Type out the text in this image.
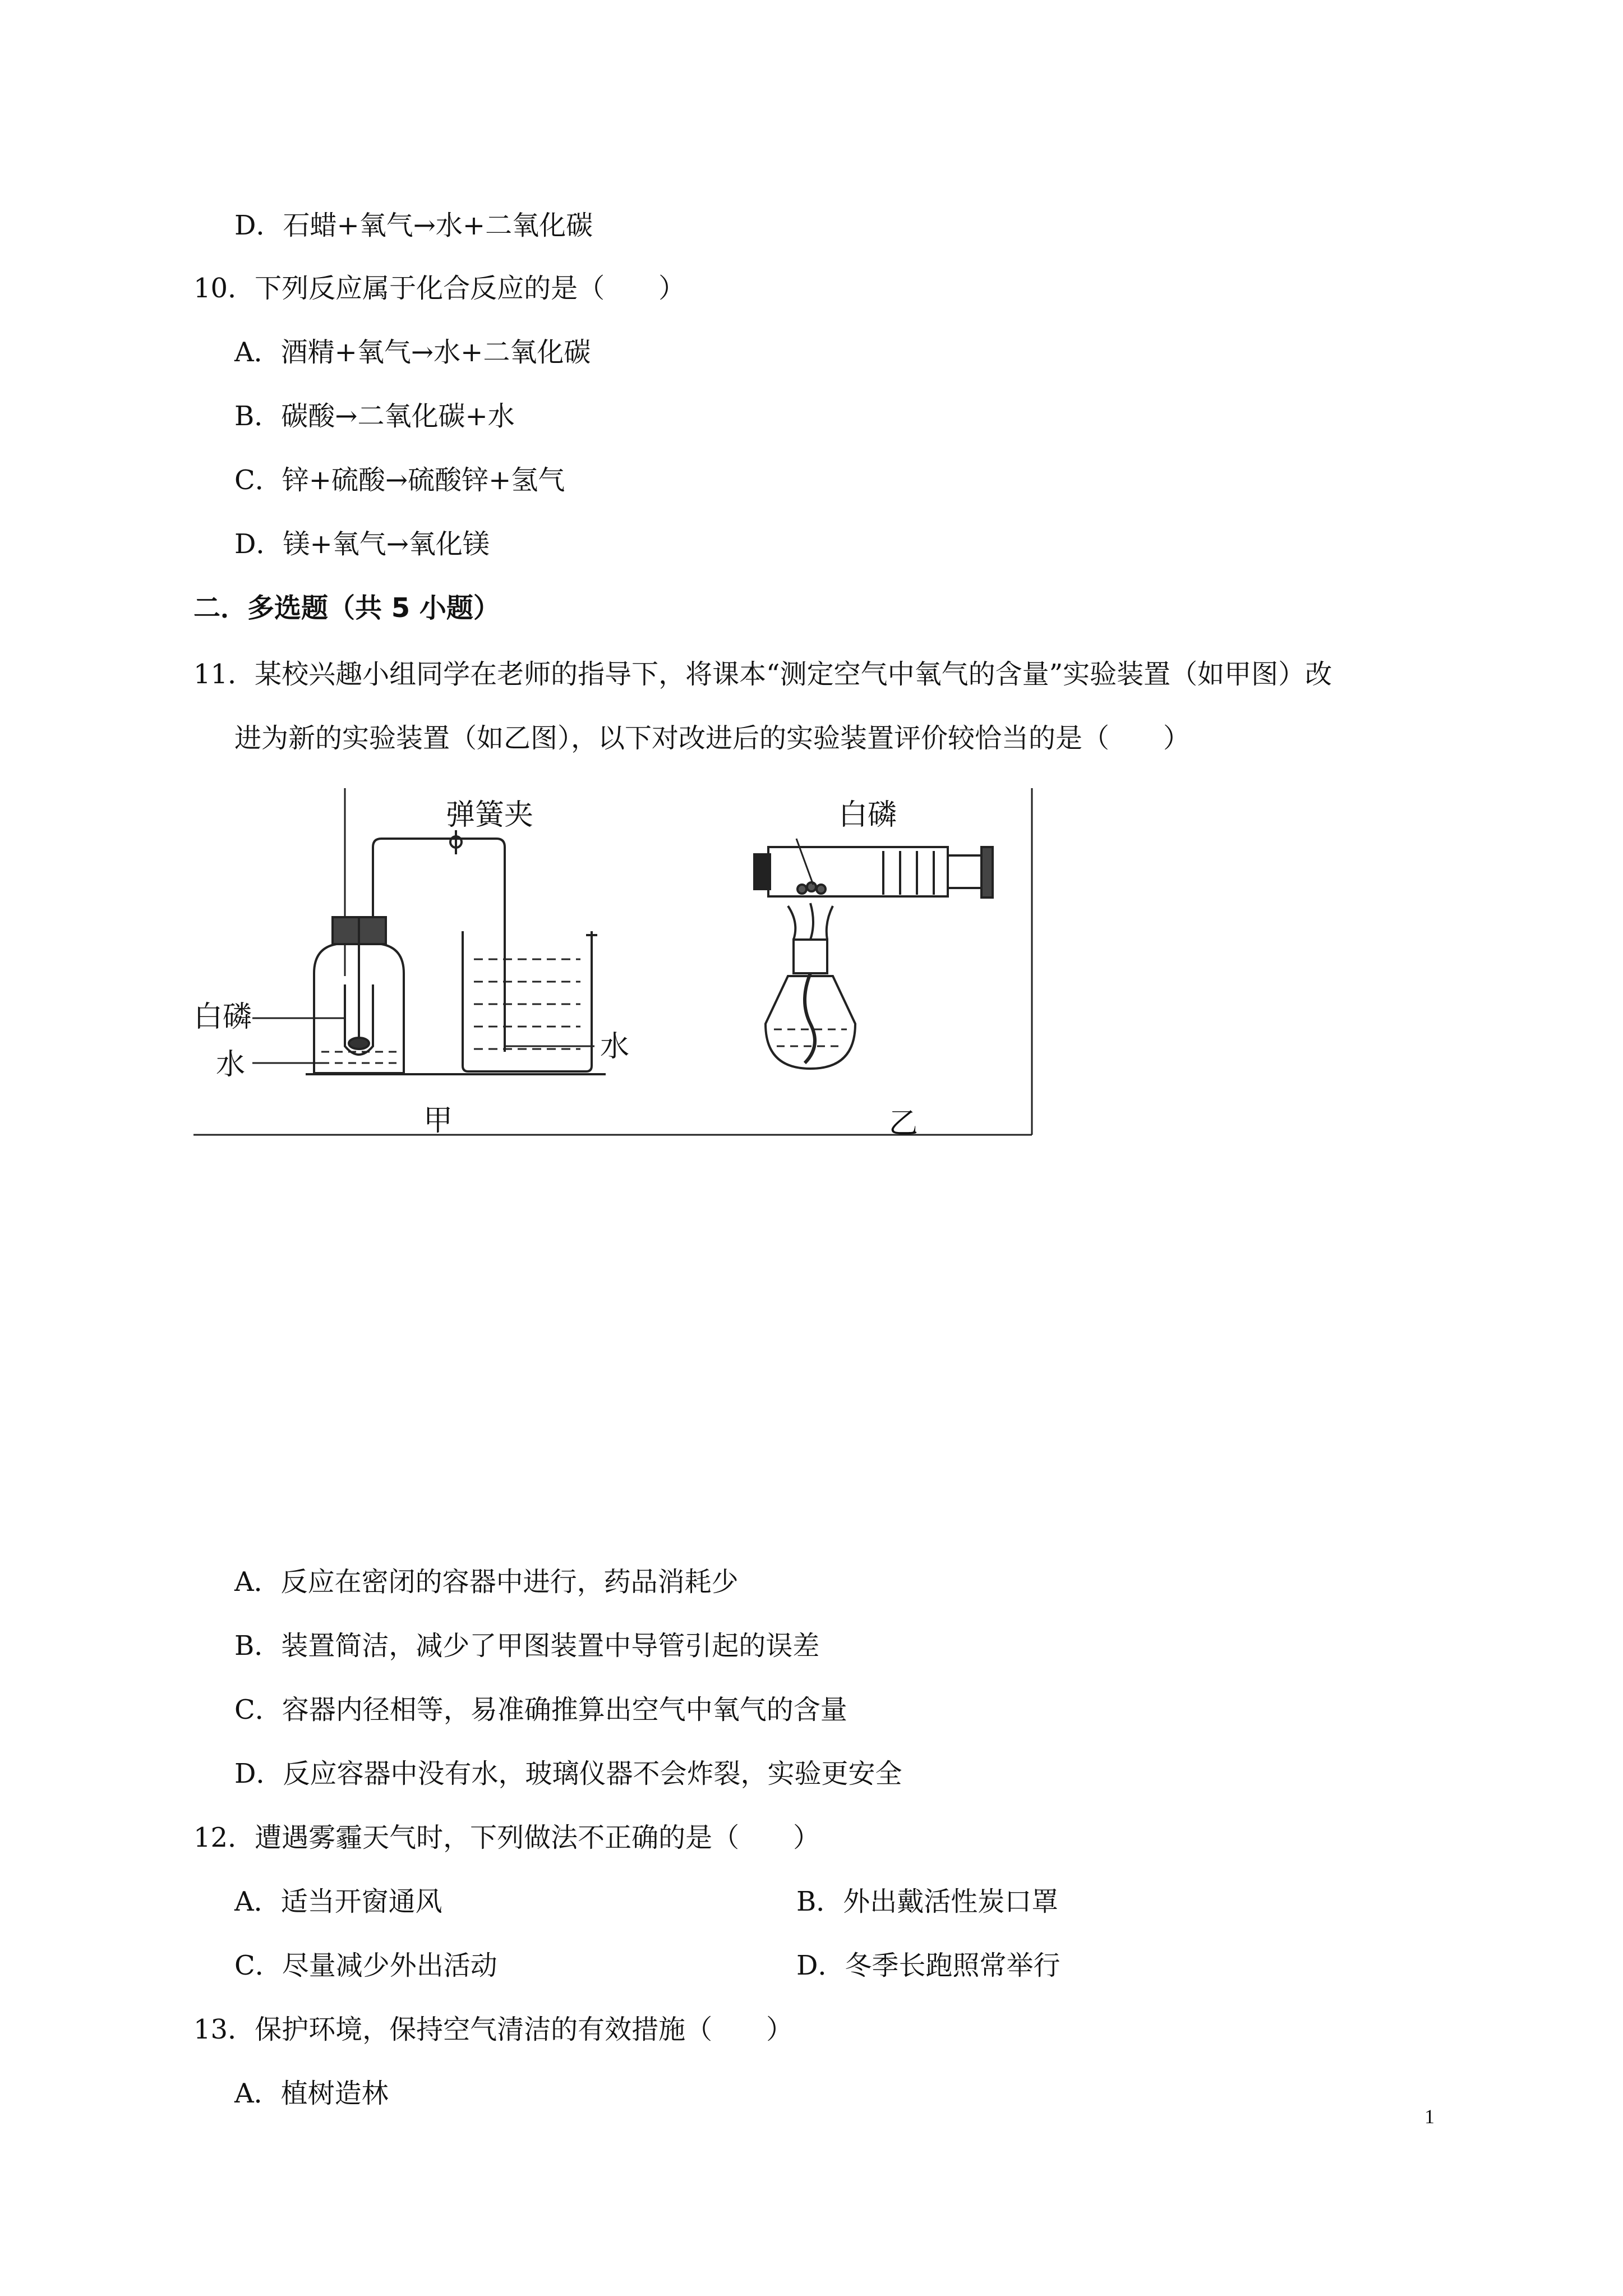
D．石蜡+氧气→水+二氧化碳
10．下列反应属于化合反应的是（　　）
A．酒精+氧气→水+二氧化碳
B．碳酸→二氧化碳+水
C．锌+硫酸→硫酸锌+氢气
D．镁+氧气→氧化镁
二．多选题（共 5 小题）
11．某校兴趣小组同学在老师的指导下，将课本“测定空气中氧气的含量”实验装置（如甲图）改
进为新的实验装置（如乙图），以下对改进后的实验装置评价较恰当的是（　　）
弹簧夹
白磷
水
水
甲
白磷
乙
A．反应在密闭的容器中进行，药品消耗少
B．装置简洁，减少了甲图装置中导管引起的误差
C．容器内径相等，易准确推算出空气中氧气的含量
D．反应容器中没有水，玻璃仪器不会炸裂，实验更安全
12．遭遇雾霾天气时，下列做法不正确的是（　　）
A．适当开窗通风	B．外出戴活性炭口罩
C．尽量减少外出活动	D．冬季长跑照常举行
13．保护环境，保持空气清洁的有效措施（　　）
A．植树造林
1
